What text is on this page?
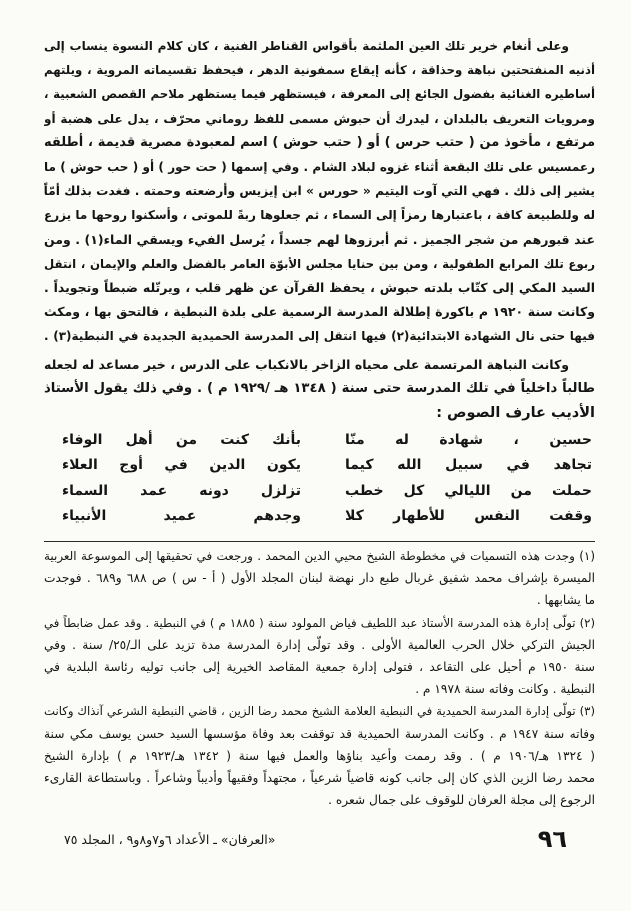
وعلى أنغام خرير تلك العين الملثمة بأقواس القناطر الفنية ، كان كلام النسوة ينساب إلى
أذنيه المنفتحتين نباهة وحذاقة ، كأنه إيقاع سمفونية الدهر ، فيحفظ تقسيماته المروية ، ويلتهم
أساطيره الغنائية بفضول الجائع إلى المعرفة ، فيستظهر فيما يستظهر ملاحم القصص الشعبية ،
ومرويات التعريف بالبلدان ، ليدرك أن حبوش مسمى للفظ روماني محرّف ، يدل على هضبة أو
مرتفع ، مأخوذ من ( حتب حرس ) أو ( حتب حوش ) اسم لمعبودة مصرية قديمة ، أطلقه
رعمسيس على تلك البقعة أثناء غزوه لبلاد الشام . وفي إسمها ( حت حور ) أو ( حب حوش ) ما
يشير إلى ذلك . فهي التي آوت اليتيم « حورس » ابن إيزيس وأرضعته وحمته . فغدت بذلك أمّاً
له وللطبيعة كافة ، باعتبارها رمزاً إلى السماء ، ثم جعلوها ربةً للموتى ، وأسكنوا روحها ما يزرع
عند قبورهم من شجر الجميز . ثم أبرزوها لهم جسداً ، يُرسل الفيء ويسقي الماء(١) . ومن
ربوع تلك المرابع الطفولية ، ومن بين حنايا مجلس الأبوّة العامر بالفضل والعلم والإيمان ، انتقل
السيد المكي إلى كتّاب بلدته حبوش ، يحفظ القرآن عن ظهر قلب ، ويرتّله ضبطاً وتجويداً .
وكانت سنة ١٩٢٠ م باكورة إطلالة المدرسة الرسمية على بلدة النبطية ، فالتحق بها ، ومكث
فيها حتى نال الشهادة الابتدائية(٢) فيها انتقل إلى المدرسة الحميدية الجديدة في النبطية(٣) .
وكانت النباهة المرتسمة على محياه الزاخر بالانكباب على الدرس ، خير مساعد له لجعله
طالباً داخلياً في تلك المدرسة حتى سنة ( ١٣٤٨ هـ /١٩٢٩ م ) . وفي ذلك يقول الأستاذ
الأديب عارف الصوص :
حسين ، شهادة له منّا
بأنك كنت من أهل الوفاء
تجاهد في سبيل الله كيما
يكون الدين في أوج العلاء
حملت من الليالي كل خطب
تزلزل دونه عمد السماء
وقفت النفس للأطهار كلا
وجدهم عميد الأنبياء
(١) وجدت هذه التسميات في مخطوطة الشيخ محيي الدين المحمد . ورجعت في تحقيقها إلى الموسوعة العربية
الميسرة بإشراف محمد شفيق غربال طبع دار نهضة لبنان المجلد الأول ( أ - س ) ص ٦٨٨ و٦٨٩ . فوجدت
ما يشابهها .
(٢) تولّى إدارة هذه المدرسة الأستاذ عبد اللطيف فياض المولود سنة ( ١٨٨٥ م ) في النبطية . وقد عمل ضابطاً في
الجيش التركي خلال الحرب العالمية الأولى . وقد تولّى إدارة المدرسة مدة تزيد على الـ/٢٥/ سنة . وفي
سنة ١٩٥٠ م أحيل على التقاعد ، فتولى إدارة جمعية المقاصد الخيرية إلى جانب توليه رئاسة البلدية في
النبطية . وكانت وفاته سنة ١٩٧٨ م .
(٣) تولّى إدارة المدرسة الحميدية في النبطية العلامة الشيخ محمد رضا الزين ، قاضي النبطية الشرعي آنذاك وكانت
وفاته سنة ١٩٤٧ م . وكانت المدرسة الحميدية قد توقفت بعد وفاة مؤسسها السيد حسن يوسف مكي سنة
( ١٣٢٤ هـ/١٩٠٦ م ) . وقد رممت وأعيد بناؤها والعمل فيها سنة ( ١٣٤٢ هـ/١٩٢٣ م ) بإدارة الشيخ
محمد رضا الزين الذي كان إلى جانب كونه قاضياً شرعياً ، مجتهداً وفقيهاً وأديباً وشاعراً . وباستطاعة القارىء
الرجوع إلى مجلة العرفان للوقوف على جمال شعره .
٩٦
«العرفان» ـ الأعداد ٦و٧و٨و٩ ، المجلد ٧٥
